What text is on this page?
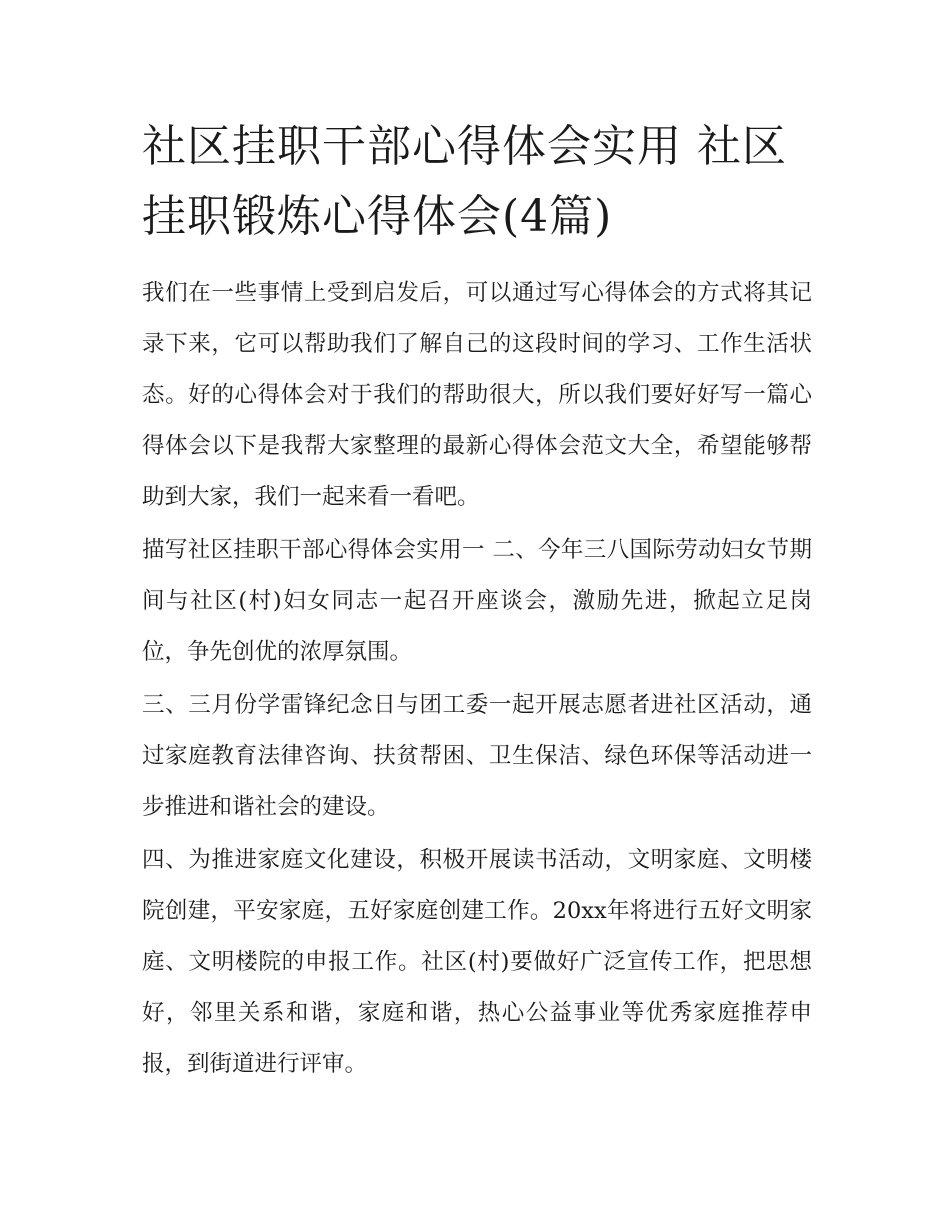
社区挂职干部心得体会实用 社区挂职锻炼心得体会(4篇)

我们在一些事情上受到启发后，可以通过写心得体会的方式将其记录下来，它可以帮助我们了解自己的这段时间的学习、工作生活状态。好的心得体会对于我们的帮助很大，所以我们要好好写一篇心得体会以下是我帮大家整理的最新心得体会范文大全，希望能够帮助到大家，我们一起来看一看吧。

描写社区挂职干部心得体会实用一 二、今年三八国际劳动妇女节期间与社区(村)妇女同志一起召开座谈会，激励先进，掀起立足岗位，争先创优的浓厚氛围。

三、三月份学雷锋纪念日与团工委一起开展志愿者进社区活动，通过家庭教育法律咨询、扶贫帮困、卫生保洁、绿色环保等活动进一步推进和谐社会的建设。

四、为推进家庭文化建设，积极开展读书活动，文明家庭、文明楼院创建，平安家庭，五好家庭创建工作。20xx年将进行五好文明家庭、文明楼院的申报工作。社区(村)要做好广泛宣传工作，把思想好，邻里关系和谐，家庭和谐，热心公益事业等优秀家庭推荐申报，到街道进行评审。
